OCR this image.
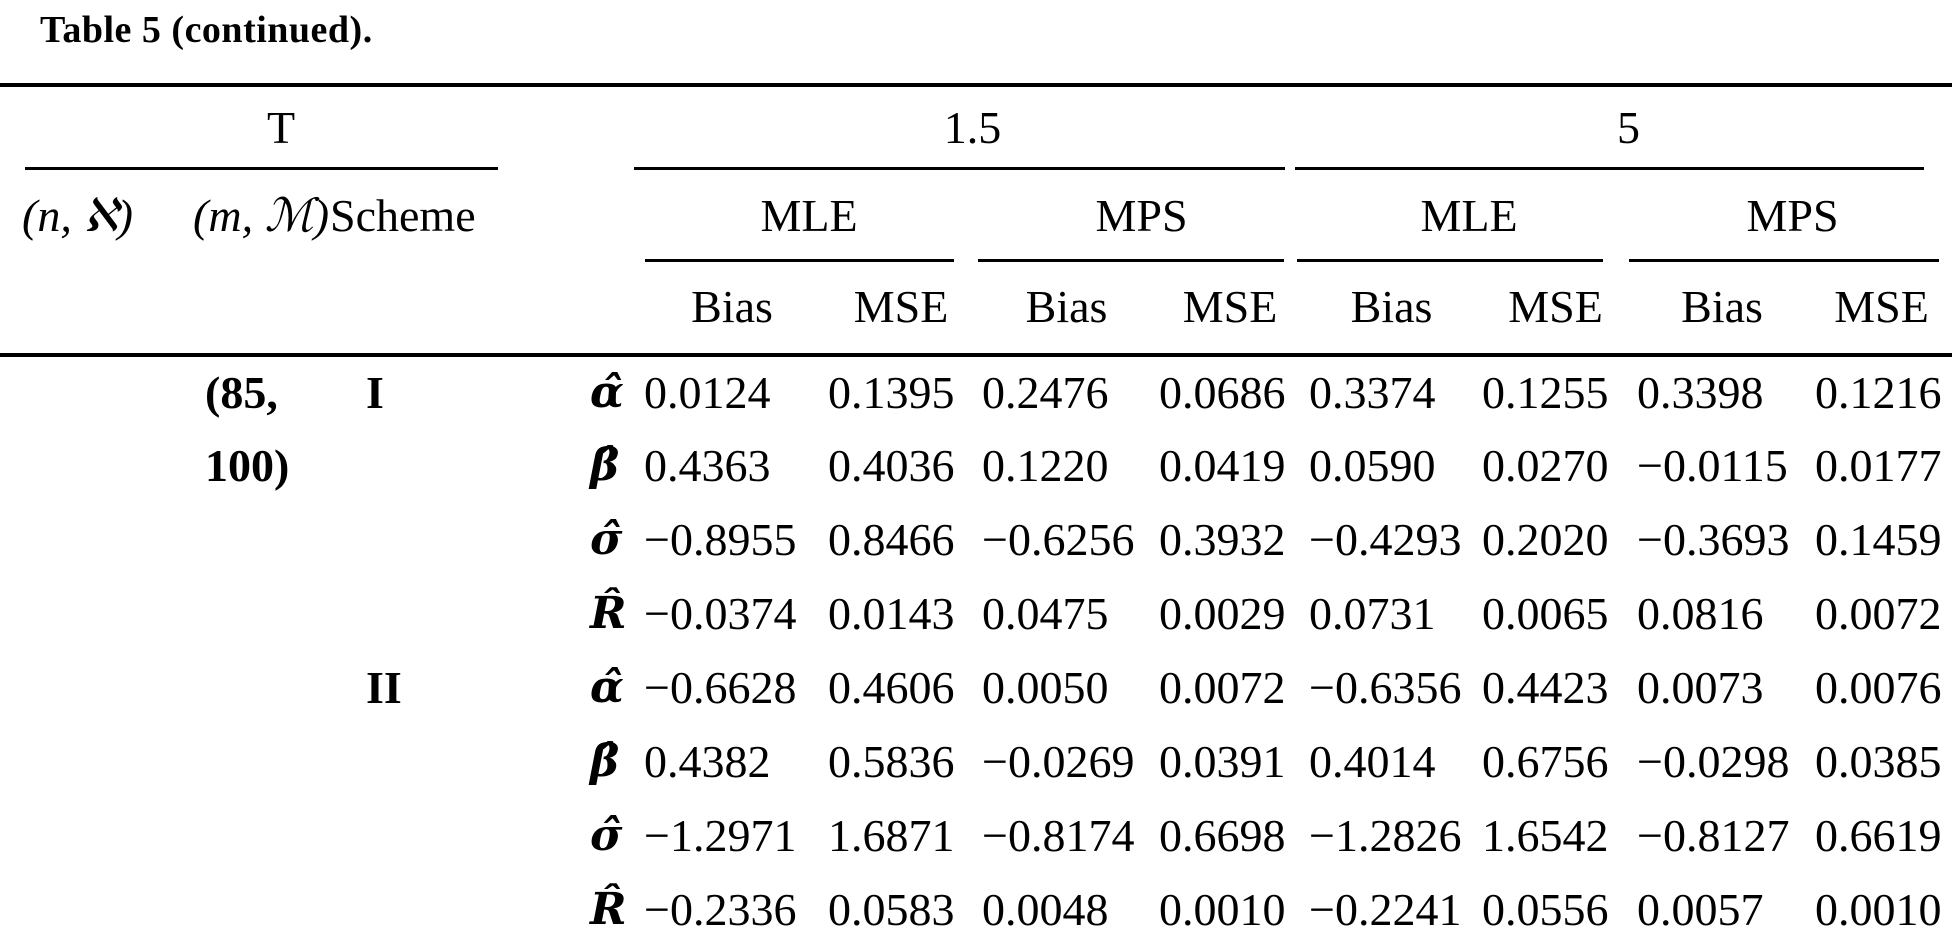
Table 5 (continued).
T				1.5				5			

(n, ℵ)	(m, ℳ)	Scheme		MLE		MPS		MLE		MPS	

				Bias	MSE	Bias	MSE	Bias	MSE	Bias	MSE
	(85,	I	α̂	0.0124	0.1395	0.2476	0.0686	0.3374	0.1255	0.3398	0.1216
	100)		β̂	0.4363	0.4036	0.1220	0.0419	0.0590	0.0270	−0.0115	0.0177
			σ̂	−0.8955	0.8466	−0.6256	0.3932	−0.4293	0.2020	−0.3693	0.1459
			R̂	−0.0374	0.0143	0.0475	0.0029	0.0731	0.0065	0.0816	0.0072
		II	α̂	−0.6628	0.4606	0.0050	0.0072	−0.6356	0.4423	0.0073	0.0076
			β̂	0.4382	0.5836	−0.0269	0.0391	0.4014	0.6756	−0.0298	0.0385
			σ̂	−1.2971	1.6871	−0.8174	0.6698	−1.2826	1.6542	−0.8127	0.6619
			R̂	−0.2336	0.0583	0.0048	0.0010	−0.2241	0.0556	0.0057	0.0010
